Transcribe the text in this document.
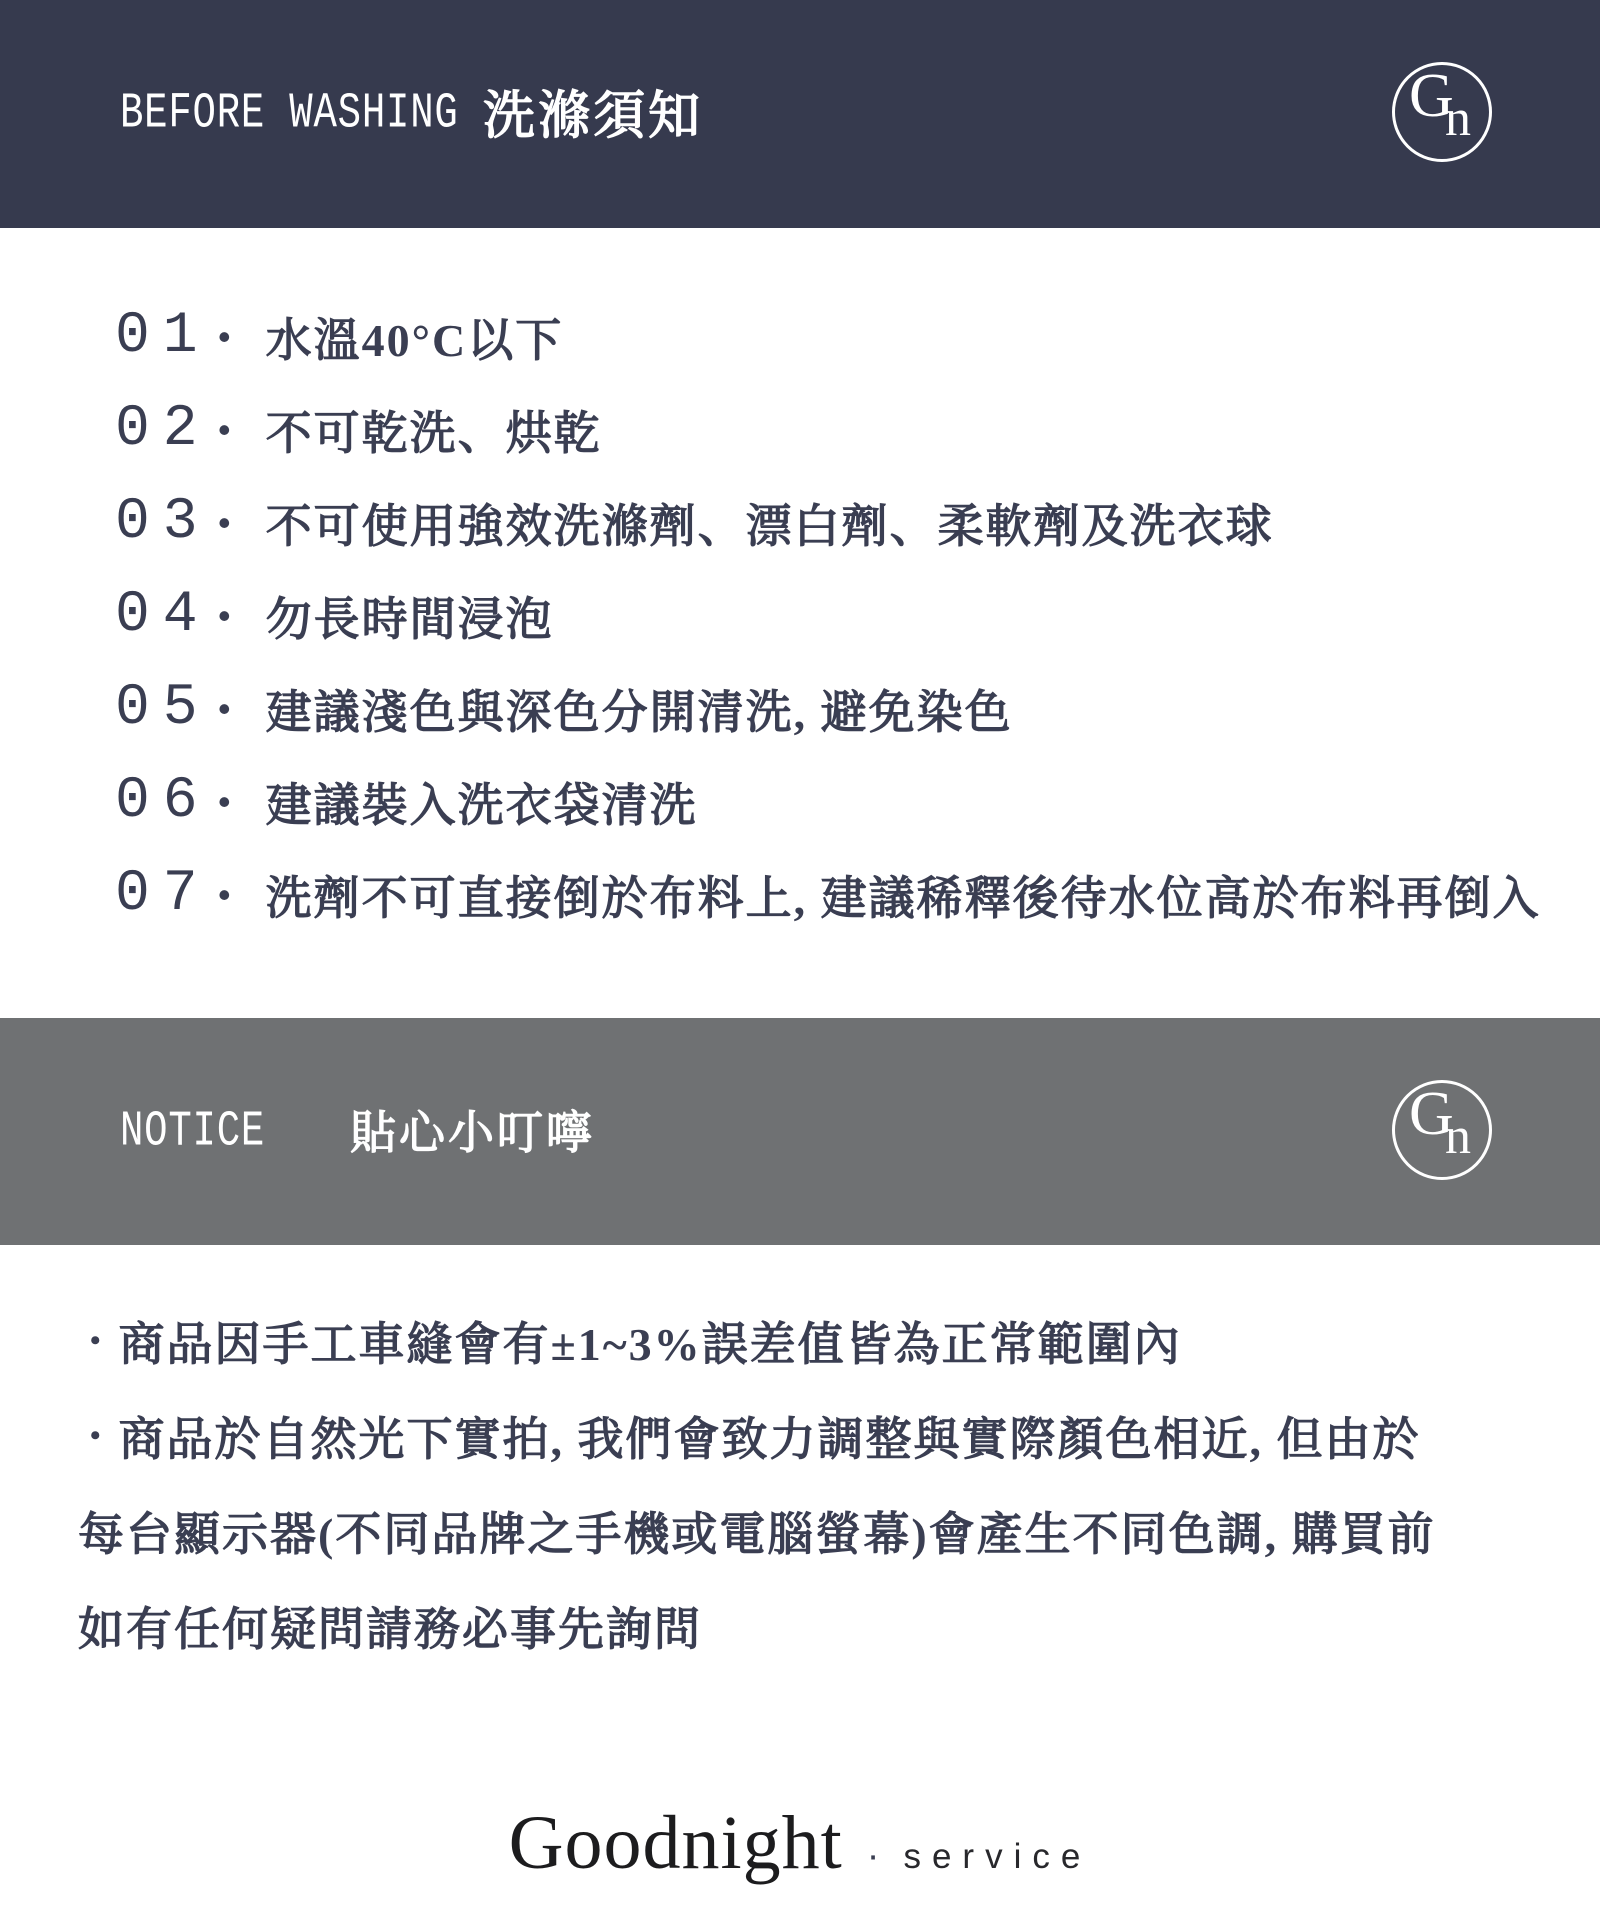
BEFORE WASHING 洗滌須知	G
n
01 • 水溫40°C以下
02 • 不可乾洗、烘乾
03 • 不可使用強效洗滌劑、漂白劑、柔軟劑及洗衣球
04 • 勿長時間浸泡
05 • 建議淺色與深色分開清洗, 避免染色
06 • 建議裝入洗衣袋清洗
07 • 洗劑不可直接倒於布料上, 建議稀釋後待水位高於布料再倒入
NOTICE 貼心小叮嚀	G
n
• 商品因手工車縫會有±1~3%誤差值皆為正常範圍內
• 商品於自然光下實拍, 我們會致力調整與實際顏色相近, 但由於
每台顯示器(不同品牌之手機或電腦螢幕)會產生不同色調, 購買前
如有任何疑問請務必事先詢問
Goodnight · service
